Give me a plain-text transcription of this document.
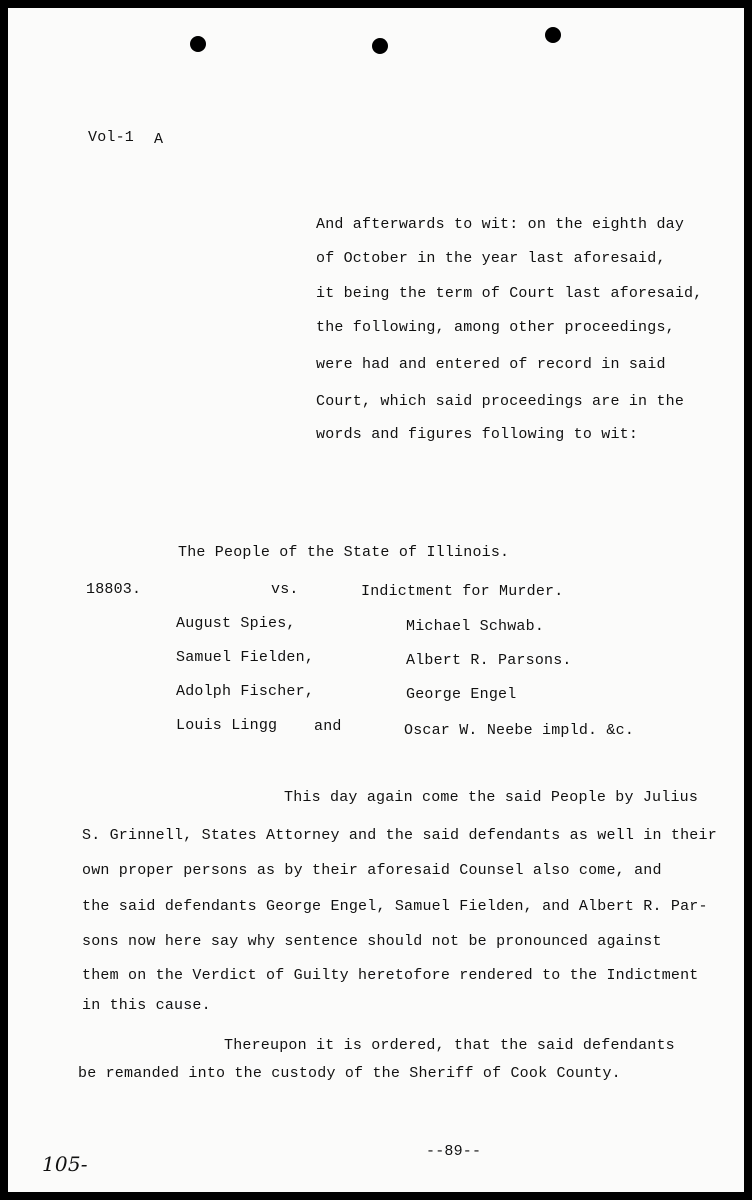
Vol-1 A
And afterwards to wit: on the eighth day
of October in the year last aforesaid,
it being the term of Court last aforesaid,
the following, among other proceedings,
were had and entered of record in said
Court, which said proceedings are in the
words and figures following to wit:
The People of the State of Illinois.
18803.	vs.	Indictment for Murder.
August Spies,	Michael Schwab.
Samuel Fielden,	Albert R. Parsons.
Adolph Fischer,	George Engel
Louis Lingg and	Oscar W. Neebe impld. &c.
This day again come the said People by Julius
S. Grinnell, States Attorney and the said defendants as well in their
own proper persons as by their aforesaid Counsel also come, and
the said defendants George Engel, Samuel Fielden, and Albert R. Par-
sons now here say why sentence should not be pronounced against
them on the Verdict of Guilty heretofore rendered to the Indictment
in this cause.
Thereupon it is ordered, that the said defendants
be remanded into the custody of the Sheriff of Cook County.
--89--
105-
